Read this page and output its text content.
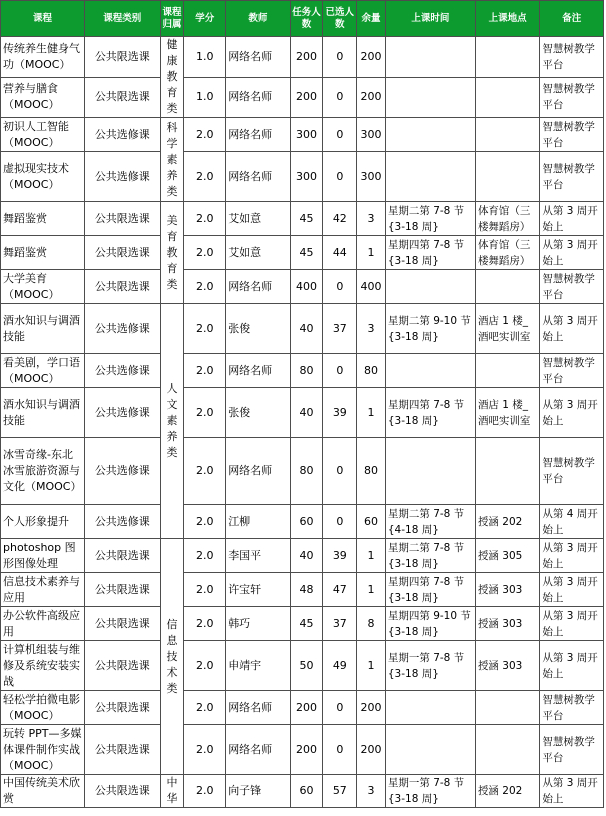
课程	课程类别	课程归属	学分	教师	任务人数	已选人数	余量	上课时间	上课地点	备注
传统养生健身气功（MOOC）	公共限选课	健康教育类	1.0	网络名师	200	0	200			智慧树教学平台
营养与膳食（MOOC）	公共限选课		1.0	网络名师	200	0	200			智慧树教学平台
初识人工智能（MOOC）	公共选修课	科学素养类	2.0	网络名师	300	0	300			智慧树教学平台
虚拟现实技术（MOOC）	公共选修课		2.0	网络名师	300	0	300			智慧树教学平台
舞蹈鉴赏	公共限选课	美育教育类	2.0	艾如意	45	42	3	星期二第 7-8 节{3-18 周}	体育馆（三楼舞蹈房）	从第 3 周开始上
舞蹈鉴赏	公共限选课		2.0	艾如意	45	44	1	星期四第 7-8 节{3-18 周}	体育馆（三楼舞蹈房）	从第 3 周开始上
大学美育（MOOC）	公共限选课		2.0	网络名师	400	0	400			智慧树教学平台
酒水知识与调酒技能	公共选修课	人文素养类	2.0	张俊	40	37	3	星期二第 9-10 节{3-18 周}	酒店 1 楼_酒吧实训室	从第 3 周开始上
看美剧，学口语（MOOC）	公共选修课		2.0	网络名师	80	0	80			智慧树教学平台
酒水知识与调酒技能	公共选修课		2.0	张俊	40	39	1	星期四第 7-8 节{3-18 周}	酒店 1 楼_酒吧实训室	从第 3 周开始上
冰雪奇缘-东北冰雪旅游资源与文化（MOOC）	公共选修课		2.0	网络名师	80	0	80			智慧树教学平台
个人形象提升	公共选修课		2.0	江柳	60	0	60	星期二第 7-8 节{4-18 周}	授涵 202	从第 4 周开始上
photoshop 图形图像处理	公共限选课	信息技术类	2.0	李国平	40	39	1	星期二第 7-8 节{3-18 周}	授涵 305	从第 3 周开始上
信息技术素养与应用	公共限选课		2.0	许宝轩	48	47	1	星期四第 7-8 节{3-18 周}	授涵 303	从第 3 周开始上
办公软件高级应用	公共限选课		2.0	韩巧	45	37	8	星期四第 9-10 节{3-18 周}	授涵 303	从第 3 周开始上
计算机组装与维修及系统安装实战	公共限选课		2.0	申靖宇	50	49	1	星期一第 7-8 节{3-18 周}	授涵 303	从第 3 周开始上
轻松学拍微电影（MOOC）	公共限选课		2.0	网络名师	200	0	200			智慧树教学平台
玩转 PPT—多媒体课件制作实战（MOOC）	公共限选课		2.0	网络名师	200	0	200			智慧树教学平台
中国传统美术欣赏	公共限选课	中华	2.0	向子锋	60	57	3	星期一第 7-8 节{3-18 周}	授涵 202	从第 3 周开始上
